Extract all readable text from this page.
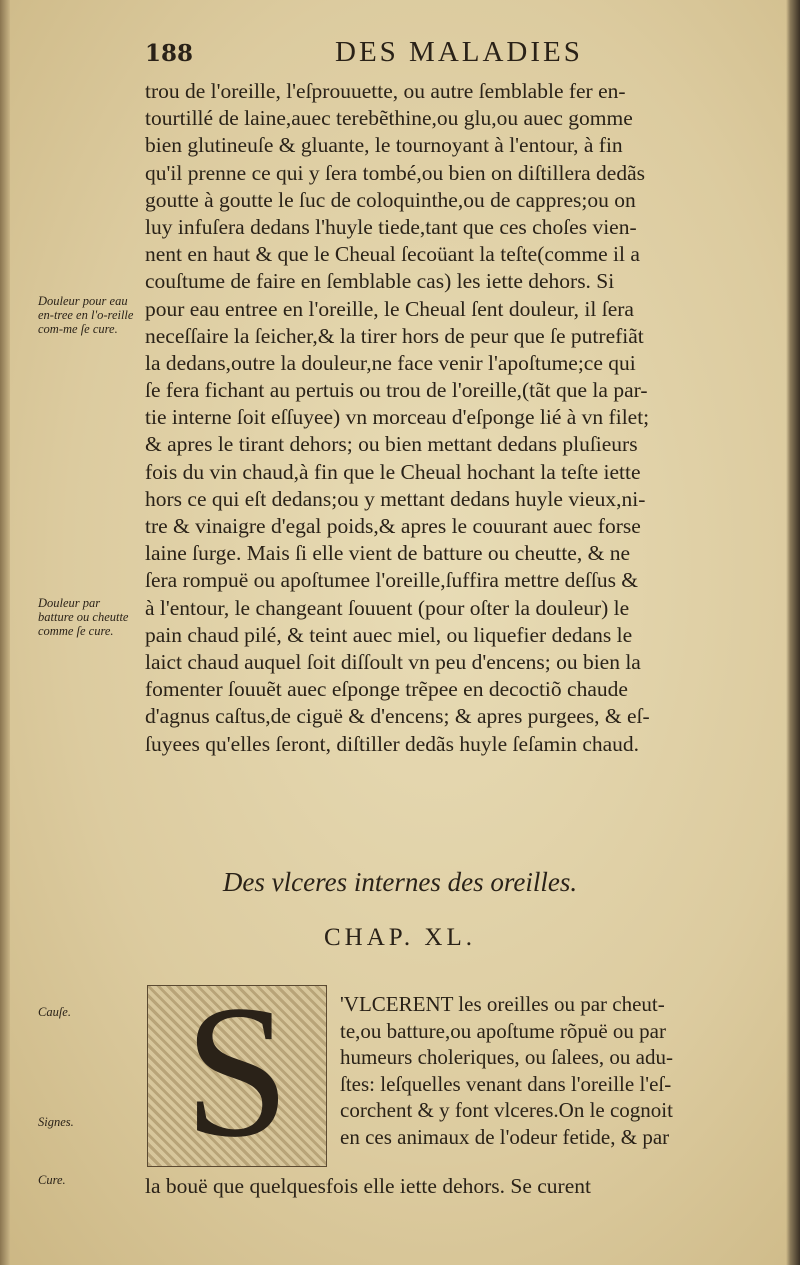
188	DES MALADIES
trou de l'oreille, l'eſprouuette, ou autre ſemblable fer en-
tourtillé de laine,auec terebẽthine,ou glu,ou auec gomme
bien glutineuſe & gluante, le tournoyant à l'entour, à fin
qu'il prenne ce qui y ſera tombé,ou bien on diſtillera dedãs
goutte à goutte le ſuc de coloquinthe,ou de cappres;ou on
luy infuſera dedans l'huyle tiede,tant que ces choſes vien-
nent en haut & que le Cheual ſecoüant la teſte(comme il a
couſtume de faire en ſemblable cas) les iette dehors. Si
pour eau entree en l'oreille, le Cheual ſent douleur, il ſera
neceſſaire la ſeicher,& la tirer hors de peur que ſe putrefiãt
la dedans,outre la douleur,ne face venir l'apoſtume;ce qui
ſe fera fichant au pertuis ou trou de l'oreille,(tãt que la par-
tie interne ſoit eſſuyee) vn morceau d'eſponge lié à vn filet;
& apres le tirant dehors; ou bien mettant dedans pluſieurs
fois du vin chaud,à fin que le Cheual hochant la teſte iette
hors ce qui eſt dedans;ou y mettant dedans huyle vieux,ni-
tre & vinaigre d'egal poids,& apres le couurant auec forse
laine ſurge. Mais ſi elle vient de batture ou cheutte, & ne
ſera rompuë ou apoſtumee l'oreille,ſuffira mettre deſſus &
à l'entour, le changeant ſouuent (pour oſter la douleur) le
pain chaud pilé, & teint auec miel, ou liquefier dedans le
laict chaud auquel ſoit diſſoult vn peu d'encens; ou bien la
fomenter ſouuẽt auec eſponge trẽpee en decoctiõ chaude
d'agnus caſtus,de ciguë & d'encens; & apres purgees, & eſ-
ſuyees qu'elles ſeront, diſtiller dedãs huyle ſeſamin chaud.
Douleur pour eau en-tree en l'o-reille com-me ſe cure.
Douleur par batture ou cheutte comme ſe cure.
Cauſe.
Signes.
Cure.
Des vlceres internes des oreilles.
CHAP. XL.
S	'VLCERENT les oreilles ou par cheut-
te,ou batture,ou apoſtume rõpuë ou par
humeurs choleriques, ou ſalees, ou adu-
ſtes: leſquelles venant dans l'oreille l'eſ-
corchent & y font vlceres.On le cognoit
en ces animaux de l'odeur fetide, & par
la bouë que quelquesfois elle iette dehors. Se curent
